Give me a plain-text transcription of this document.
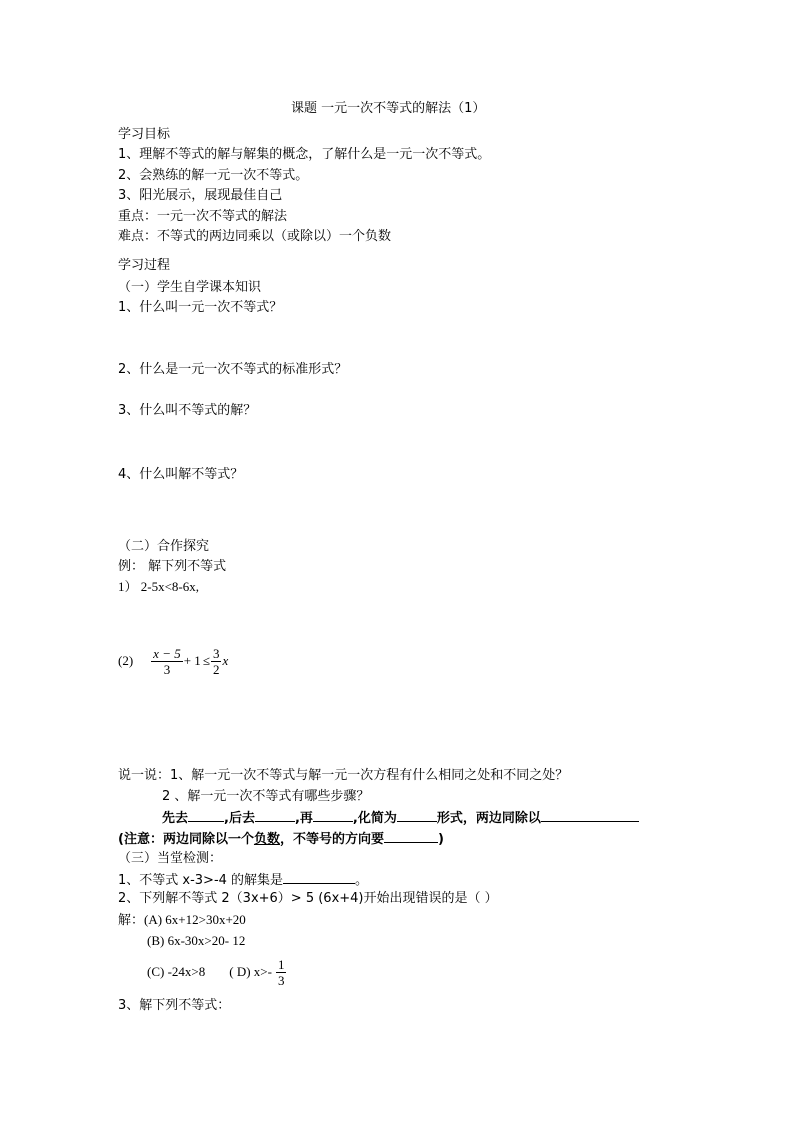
课题 一元一次不等式的解法（1）
学习目标
1、理解不等式的解与解集的概念，了解什么是一元一次不等式。
2、会熟练的解一元一次不等式。
3、阳光展示，展现最佳自己
重点：一元一次不等式的解法
难点：不等式的两边同乘以（或除以）一个负数
学习过程
（一）学生自学课本知识
1、什么叫一元一次不等式？
2、什么是一元一次不等式的标准形式？
3、什么叫不等式的解？
4、什么叫解不等式？
（二）合作探究
例： 解下列不等式
1） 2-5x<8-6x,
$(2) \frac{x - 5}{3} + 1 \le \frac{3}{2}$ x
说一说：1、解一元一次不等式与解一元一次方程有什么相同之处和不同之处？
2 、解一元一次不等式有哪些步骤？
先去	,后去	,再	,化简为	形式，两边同除以
(注意：两边同除以一个负数，不等号的方向要	)
（三）当堂检测：
1、不等式 x-3>-4 的解集是	。
2、下列解不等式 2（3x+6）> 5 (6x+4)开始出现错误的是（ ）
解：(A) 6x+12>30x+20
(B) 6x-30x>20- 12
(C) -24x>8 ( D) $x>- \frac{1}{3}$
3、解下列不等式：
